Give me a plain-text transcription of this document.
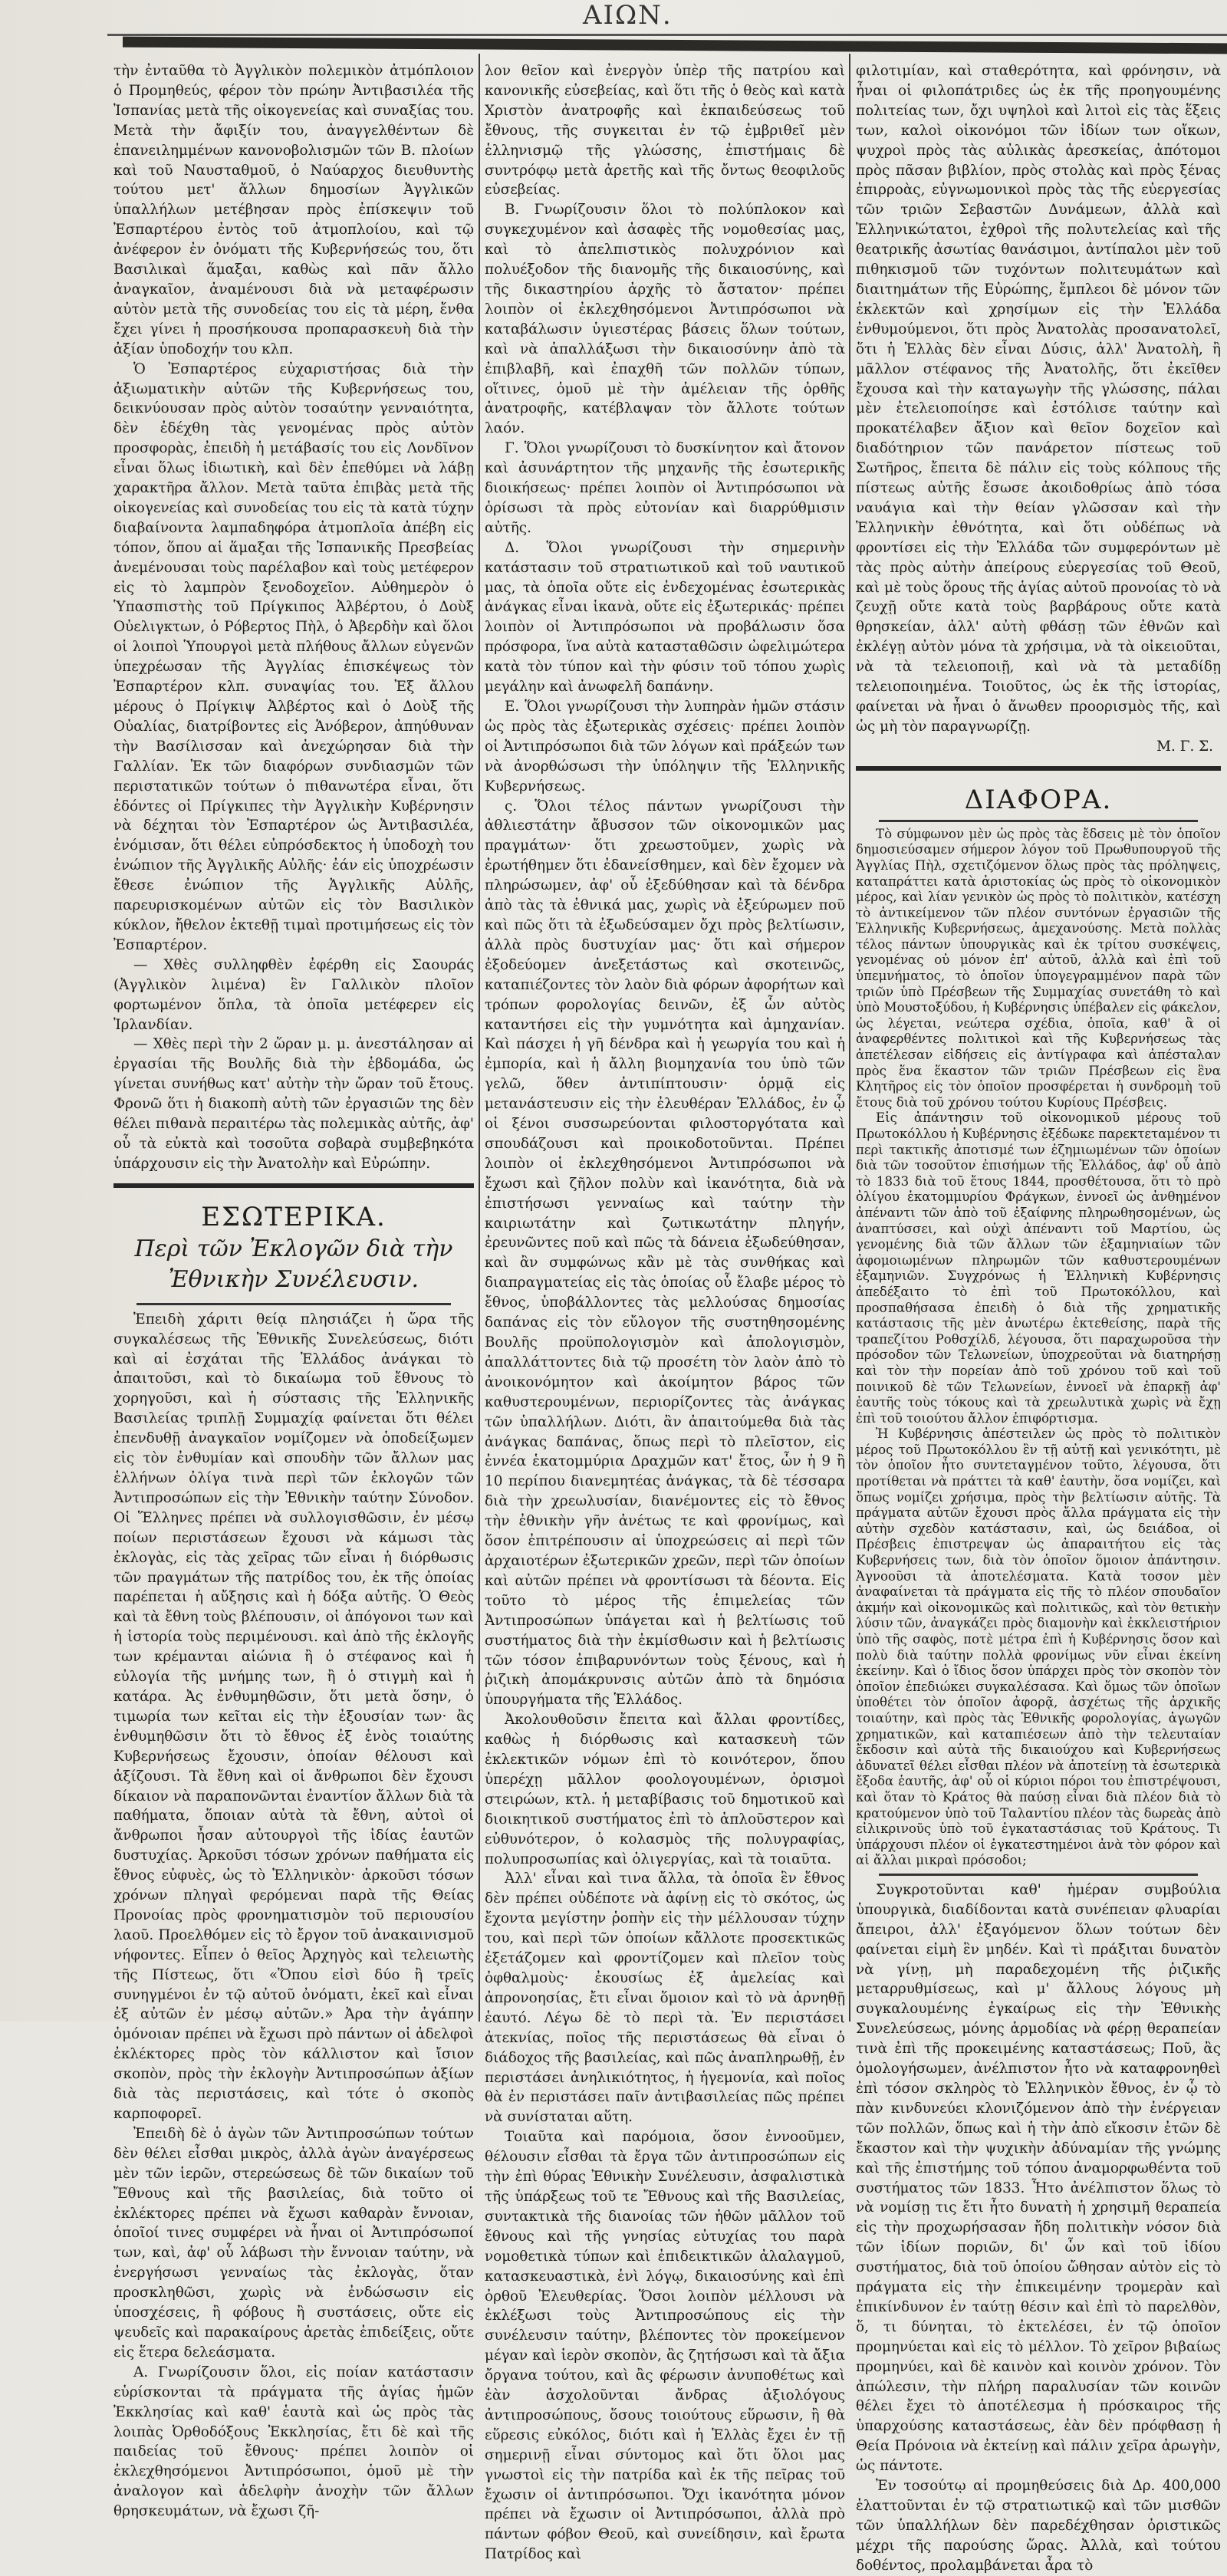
ΑΙΩΝ.

τὴν ἐνταῦθα τὸ Ἀγγλικὸν πολεμικὸν ἀτμόπλοιον ὁ Προμηθεύς, φέρον τὸν πρώην Ἀντιβασιλέα τῆς Ἰσπανίας μετὰ τῆς οἰκογενείας καὶ συναξίας του. Μετὰ τὴν ἄφιξίν του, ἀναγγελθέντων δὲ ἐπανειλημμένων κανονοβολισμῶν τῶν Β. πλοίων καὶ τοῦ Ναυσταθμοῦ, ὁ Ναύαρχος διευθυντὴς τούτου μετ' ἄλλων δημοσίων Ἀγγλικῶν ὑπαλλήλων μετέβησαν πρὸς ἐπίσκεψιν τοῦ Ἐσπαρτέρου ἐντὸς τοῦ ἀτμοπλοίου, καὶ τῷ ἀνέφερον ἐν ὀνόματι τῆς Κυβερνήσεώς του, ὅτι Βασιλικαὶ ἅμαξαι, καθὼς καὶ πᾶν ἄλλο ἀναγκαῖον, ἀναμένουσι διὰ νὰ μεταφέρωσιν αὐτὸν μετὰ τῆς συνοδείας του εἰς τὰ μέρη, ἔνθα ἔχει γίνει ἡ προσήκουσα προπαρασκευὴ διὰ τὴν ἀξίαν ὑποδοχήν του κλπ.

Ὁ Ἐσπαρτέρος εὐχαριστήσας διὰ τὴν ἀξιωματικὴν αὐτῶν τῆς Κυβερνήσεως του, δεικνύουσαν πρὸς αὐτὸν τοσαύτην γενναιότητα, δὲν ἐδέχθη τὰς γενομένας πρὸς αὐτὸν προσφορὰς, ἐπειδὴ ἡ μετάβασίς του εἰς Λονδῖνον εἶναι ὅλως ἰδιωτικὴ, καὶ δὲν ἐπεθύμει νὰ λάβῃ χαρακτῆρα ἄλλον. Μετὰ ταῦτα ἐπιβὰς μετὰ τῆς οἰκογενείας καὶ συνοδείας του εἰς τὰ κατὰ τύχην διαβαίνοντα λαμπαδηφόρα ἀτμοπλοῖα ἀπέβη εἰς τόπον, ὅπου αἱ ἅμαξαι τῆς Ἰσπανικῆς Πρεσβείας ἀνεμένουσαι τοὺς παρέλαβον καὶ τοὺς μετέφερον εἰς τὸ λαμπρὸν ξενοδοχεῖον. Αὐθημερὸν ὁ Ὑπασπιστὴς τοῦ Πρίγκιπος Ἀλβέρτου, ὁ Δοὺξ Οὐελιγκτων, ὁ Ρόβερτος Πὴλ, ὁ Ἀβερδὴν καὶ ὅλοι οἱ λοιποὶ Ὑπουργοὶ μετὰ πλήθους ἄλλων εὐγενῶν ὑπεχρέωσαν τῆς Ἀγγλίας ἐπισκέψεως τὸν Ἐσπαρτέρον κλπ. συναψίας του. Ἐξ ἄλλου μέρους ὁ Πρίγκιψ Ἀλβέρτος καὶ ὁ Δοὺξ τῆς Οὐαλίας, διατρίβοντες εἰς Ἁνόβερον, ἀπηύθυναν τὴν Βασίλισσαν καὶ ἀνεχώρησαν διὰ τὴν Γαλλίαν. Ἐκ τῶν διαφόρων συνδιασμῶν τῶν περιστατικῶν τούτων ὁ πιθανωτέρα εἶναι, ὅτι ἐδόντες οἱ Πρίγκιπες τὴν Ἀγγλικὴν Κυβέρνησιν νὰ δέχηται τὸν Ἐσπαρτέρον ὡς Ἀντιβασιλέα, ἐνόμισαν, ὅτι θέλει εὐπρόσδεκτος ἡ ὑποδοχὴ του ἐνώπιον τῆς Ἀγγλικῆς Αὐλῆς· ἐάν εἰς ὑποχρέωσιν ἔθεσε ἐνώπιον τῆς Ἀγγλικῆς Αὐλῆς, παρευρισκομένων αὐτῶν εἰς τὸν Βασιλικὸν κύκλον, ἤθελον ἐκτεθῇ τιμαὶ προτιμήσεως εἰς τὸν Ἐσπαρτέρον.

— Χθὲς συλληφθὲν ἐφέρθη εἰς Σαουράς (Ἀγγλικὸν λιμένα) ἓν Γαλλικὸν πλοῖον φορτωμένον ὅπλα, τὰ ὁποῖα μετέφερεν εἰς Ἰρλανδίαν.

— Χθὲς περὶ τὴν 2 ὥραν μ. μ. ἀνεστάλησαν αἱ ἐργασίαι τῆς Βουλῆς διὰ τὴν ἑβδομάδα, ὡς γίνεται συνήθως κατ' αὐτὴν τὴν ὥραν τοῦ ἔτους. Φρονῶ ὅτι ἡ διακοπὴ αὐτὴ τῶν ἐργασιῶν της δὲν θέλει πιθανὰ περαιτέρω τὰς πολεμικὰς αὐτῆς, ἀφ' οὗ τὰ εὐκτὰ καὶ τοσοῦτα σοβαρὰ συμβεβηκότα ὑπάρχουσιν εἰς τὴν Ἀνατολὴν καὶ Εὐρώπην.

ΕΣΩΤΕΡΙΚΑ.
Περὶ τῶν Ἐκλογῶν διὰ τὴν Ἐθνικὴν Συνέλευσιν.

Ἐπειδὴ χάριτι θείᾳ πλησιάζει ἡ ὥρα τῆς συγκαλέσεως τῆς Ἐθνικῆς Συνελεύσεως, διότι καὶ αἱ ἐσχάται τῆς Ἑλλάδος ἀνάγκαι τὸ ἀπαιτοῦσι, καὶ τὸ δικαίωμα τοῦ ἔθνους τὸ χορηγοῦσι, καὶ ἡ σύστασις τῆς Ἑλληνικῆς Βασιλείας τριπλῇ Συμμαχίᾳ φαίνεται ὅτι θέλει ἐπενδυθῇ ἀναγκαῖον νομίζομεν νὰ ὁποδείξωμεν εἰς τὸν ἐνθυμίαν καὶ σπουδὴν τῶν ἄλλων μας ἑλλήνων ὀλίγα τινὰ περὶ τῶν ἐκλογῶν τῶν Ἀντιπροσώπων εἰς τὴν Ἐθνικὴν ταύτην Σύνοδον. Οἱ Ἕλληνες πρέπει νὰ συλλογισθῶσιν, ἐν μέσῳ ποίων περιστάσεων ἔχουσι νὰ κάμωσι τὰς ἐκλογὰς, εἰς τὰς χεῖρας τῶν εἶναι ἡ διόρθωσις τῶν πραγμάτων τῆς πατρίδος του, ἐκ τῆς ὁποίας παρέπεται ἡ αὔξησις καὶ ἡ δόξα αὐτῆς. Ὁ Θεὸς καὶ τὰ ἔθνη τοὺς βλέπουσιν, οἱ ἀπόγονοι των καὶ ἡ ἱστορία τοὺς περιμένουσι. καὶ ἀπὸ τῆς ἐκλογῆς των κρέμανται αἰώνια ἢ ὁ στέφανος καὶ ἡ εὐλογία τῆς μνήμης των, ἢ ὁ στιγμὴ καὶ ἡ κατάρα. Ἀς ἐνθυμηθῶσιν, ὅτι μετὰ ὅσην, ὁ τιμωρία των κεῖται εἰς τὴν ἐξουσίαν των· ἂς ἐνθυμηθῶσιν ὅτι τὸ ἔθνος ἐξ ἑνὸς τοιαύτης Κυβερνήσεως ἔχουσιν, ὁποίαν θέλουσι καὶ ἀξίζουσι. Τὰ ἔθνη καὶ οἱ ἄνθρωποι δὲν ἔχουσι δίκαιον νὰ παραπονῶνται ἐναντίον ἄλλων διὰ τὰ παθήματα, ὅποιαν αὐτὰ τὰ ἔθνη, αὐτοὶ οἱ ἄνθρωποι ἦσαν αὐτουργοὶ τῆς ἰδίας ἑαυτῶν δυστυχίας. Ἀρκοῦσι τόσων χρόνων παθήματα εἰς ἔθνος εὐφυὲς, ὡς τὸ Ἑλληνικὸν· ἀρκοῦσι τόσων χρόνων πληγαὶ φερόμεναι παρὰ τῆς Θείας Προνοίας πρὸς φρονηματισμὸν τοῦ περιουσίου λαοῦ. Προελθόμεν εἰς τὸ ἔργον τοῦ ἀνακαινισμοῦ νήφοντες. Εἶπεν ὁ θεῖος Ἀρχηγὸς καὶ τελειωτὴς τῆς Πίστεως, ὅτι «Ὅπου εἰσὶ δύο ἢ τρεῖς συνηγμένοι ἐν τῷ αὐτοῦ ὀνόματι, ἐκεῖ καὶ εἶναι ἐξ αὐτῶν ἐν μέσῳ αὐτῶν.» Ἀρα τὴν ἀγάπην ὁμόνοιαν πρέπει νὰ ἔχωσι πρὸ πάντων οἱ ἀδελφοὶ ἐκλέκτορες πρὸς τὸν κάλλιστον καὶ ἴσιον σκοπὸν, πρὸς τὴν ἐκλογὴν Ἀντιπροσώπων ἀξίων διὰ τὰς περιστάσεις, καὶ τότε ὁ σκοπὸς καρποφορεῖ.

Ἐπειδὴ δὲ ὁ ἀγὼν τῶν Ἀντιπροσώπων τούτων δὲν θέλει εἶσθαι μικρὸς, ἀλλὰ ἀγὼν ἀναγέρσεως μὲν τῶν ἱερῶν, στερεώσεως δὲ τῶν δικαίων τοῦ Ἔθνους καὶ τῆς βασιλείας, διὰ τοῦτο οἱ ἐκλέκτορες πρέπει νὰ ἔχωσι καθαρὰν ἔννοιαν, ὁποῖοί τινες συμφέρει νὰ ἦναι οἱ Ἀντιπρόσωποί των, καὶ, ἀφ' οὗ λάβωσι τὴν ἔννοιαν ταύτην, νὰ ἐνεργήσωσι γενναίως τὰς ἐκλογὰς, ὅταν προσκληθῶσι, χωρὶς νὰ ἐνδώσωσιν εἰς ὑποσχέσεις, ἢ φόβους ἢ συστάσεις, οὔτε εἰς ψευδεῖς καὶ παρακαίρους ἀρετὰς ἐπιδείξεις, οὔτε εἰς ἕτερα δελεάσματα.

Α. Γνωρίζουσιν ὅλοι, εἰς ποίαν κατάστασιν εὑρίσκονται τὰ πράγματα τῆς ἁγίας ἡμῶν Ἐκκλησίας καὶ καθ' ἑαυτὰ καὶ ὡς πρὸς τὰς λοιπὰς Ὀρθοδόξους Ἐκκλησίας, ἔτι δὲ καὶ τῆς παιδείας τοῦ ἔθνους· πρέπει λοιπὸν οἱ ἐκλεχθησόμενοι Ἀντιπρόσωποι, ὁμοῦ μὲ τὴν ἀναλογον καὶ ἀδελφὴν ἀνοχὴν τῶν ἄλλων θρησκευμάτων, νὰ ἔχωσι ζῆ-

λον θεῖον καὶ ἐνεργὸν ὑπὲρ τῆς πατρίου καὶ κανονικῆς εὐσεβείας, καὶ ὅτι τῆς ὁ θεὸς καὶ κατὰ Χριστὸν ἀνατροφῆς καὶ ἐκπαιδεύσεως τοῦ ἔθνους, τῆς συγκειται ἐν τῷ ἐμβριθεῖ μὲν ἑλληνισμῷ τῆς γλώσσης, ἐπιστήμαις δὲ συντρόφῳ μετὰ ἀρετῆς καὶ τῆς ὄντως θεοφιλοῦς εὐσεβείας.

Β. Γνωρίζουσιν ὅλοι τὸ πολύπλοκον καὶ συγκεχυμένον καὶ ἀσαφὲς τῆς νομοθεσίας μας, καὶ τὸ ἀπελπιστικὸς πολυχρόνιον καὶ πολυέξοδον τῆς διανομῆς τῆς δικαιοσύνης, καὶ τῆς δικαστηρίου ἀρχῆς τὸ ἄστατον· πρέπει λοιπὸν οἱ ἐκλεχθησόμενοι Ἀντιπρόσωποι νὰ καταβάλωσιν ὑγιεστέρας βάσεις ὅλων τούτων, καὶ νὰ ἀπαλλάξωσι τὴν δικαιοσύνην ἀπὸ τὰ ἐπιβλαβῆ, καὶ ἐπαχθῆ τῶν πολλῶν τύπων, οἵτινες, ὁμοῦ μὲ τὴν ἀμέλειαν τῆς ὀρθῆς ἀνατροφῆς, κατέβλαψαν τὸν ἄλλοτε τούτων λαόν.

Γ. Ὅλοι γνωρίζουσι τὸ δυσκίνητον καὶ ἄτονον καὶ ἀσυνάρτητον τῆς μηχανῆς τῆς ἐσωτερικῆς διοικήσεως· πρέπει λοιπὸν οἱ Ἀντιπρόσωποι νὰ ὁρίσωσι τὰ πρὸς εὐτονίαν καὶ διαρρύθμισιν αὐτῆς.

Δ. Ὅλοι γνωρίζουσι τὴν σημερινὴν κατάστασιν τοῦ στρατιωτικοῦ καὶ τοῦ ναυτικοῦ μας, τὰ ὁποῖα οὔτε εἰς ἐνδεχομένας ἐσωτερικὰς ἀνάγκας εἶναι ἱκανὰ, οὔτε εἰς ἐξωτερικάς· πρέπει λοιπὸν οἱ Ἀντιπρόσωποι νὰ προβάλωσιν ὅσα πρόσφορα, ἵνα αὐτὰ κατασταθῶσιν ὠφελιμώτερα κατὰ τὸν τύπον καὶ τὴν φύσιν τοῦ τόπου χωρὶς μεγάλην καὶ ἀνωφελῆ δαπάνην.

Ε. Ὅλοι γνωρίζουσι τὴν λυπηρὰν ἡμῶν στάσιν ὡς πρὸς τὰς ἐξωτερικὰς σχέσεις· πρέπει λοιπὸν οἱ Ἀντιπρόσωποι διὰ τῶν λόγων καὶ πράξεών των νὰ ἀνορθώσωσι τὴν ὑπόληψιν τῆς Ἑλληνικῆς Κυβερνήσεως.

ς. Ὅλοι τέλος πάντων γνωρίζουσι τὴν ἀθλιεστάτην ἄβυσσον τῶν οἰκονομικῶν μας πραγμάτων· ὅτι χρεωστοῦμεν, χωρὶς νὰ ἐρωτήθημεν ὅτι ἐδανείσθημεν, καὶ δὲν ἔχομεν νὰ πληρώσωμεν, ἀφ' οὗ ἐξεδύθησαν καὶ τὰ δένδρα ἀπὸ τὰς τὰ ἐθνικά μας, χωρὶς νὰ ἐξεύρωμεν ποῦ καὶ πῶς ὅτι τὰ ἐξωδεύσαμεν ὄχι πρὸς βελτίωσιν, ἀλλὰ πρὸς δυστυχίαν μας· ὅτι καὶ σήμερον ἐξοδεύομεν ἀνεξετάστως καὶ σκοτεινῶς, καταπιέζοντες τὸν λαὸν διὰ φόρων ἀφορήτων καὶ τρόπων φορολογίας δεινῶν, ἐξ ὧν αὐτὸς καταντήσει εἰς τὴν γυμνότητα καὶ ἀμηχανίαν. Καὶ πάσχει ἡ γῆ δένδρα καὶ ἡ γεωργία του καὶ ἡ ἐμπορία, καὶ ἡ ἄλλη βιομηχανία του ὑπὸ τῶν γελῶ, ὅθεν ἀντιπίπτουσιν· ὁρμᾷ εἰς μετανάστευσιν εἰς τὴν ἐλευθέραν Ἑλλάδος, ἐν ᾧ οἱ ξένοι συσσωρεύονται φιλοστοργότατα καὶ σπουδάζουσι καὶ προικοδοτοῦνται. Πρέπει λοιπὸν οἱ ἐκλεχθησόμενοι Ἀντιπρόσωποι νὰ ἔχωσι καὶ ζῆλον πολὺν καὶ ἱκανότητα, διὰ νὰ ἐπιστήσωσι γενναίως καὶ ταύτην τὴν καιριωτάτην καὶ ζωτικωτάτην πληγήν, ἐρευνῶντες ποῦ καὶ πῶς τὰ δάνεια ἐξωδεύθησαν, καὶ ἂν συμφώνως κἂν μὲ τὰς συνθήκας καὶ διαπραγματείας εἰς τὰς ὁποίας οὗ ἔλαβε μέρος τὸ ἔθνος, ὑποβάλλοντες τὰς μελλούσας δημοσίας δαπάνας εἰς τὸν εὔλογον τῆς συστηθησομένης Βουλῆς προϋπολογισμὸν καὶ ἀπολογισμὸν, ἀπαλλάττοντες διὰ τῷ προσέτη τὸν λαὸν ἀπὸ τὸ ἀνοικονόμητον καὶ ἀκοίμητον βάρος τῶν καθυστερουμένων, περιορίζοντες τὰς ἀνάγκας τῶν ὑπαλλήλων. Διότι, ἂν ἀπαιτούμεθα διὰ τὰς ἀνάγκας δαπάνας, ὅπως περὶ τὸ πλεῖστον, εἰς ἐννέα ἑκατομμύρια Δραχμῶν κατ' ἔτος, ὧν ἡ 9 ἢ 10 περίπου διανεμητέας ἀνάγκας, τὰ δὲ τέσσαρα διὰ τὴν χρεωλυσίαν, διανέμοντες εἰς τὸ ἔθνος τὴν ἐθνικὴν γῆν ἀνέτως τε καὶ φρονίμως, καὶ ὅσον ἐπιτρέπουσιν αἱ ὑποχρεώσεις αἱ περὶ τῶν ἀρχαιοτέρων ἐξωτερικῶν χρεῶν, περὶ τῶν ὁποίων καὶ αὐτῶν πρέπει νὰ φροντίσωσι τὰ δέοντα. Εἰς τοῦτο τὸ μέρος τῆς ἐπιμελείας τῶν Ἀντιπροσώπων ὑπάγεται καὶ ἡ βελτίωσις τοῦ συστήματος διὰ τὴν ἐκμίσθωσιν καὶ ἡ βελτίωσις τῶν τόσον ἐπιβαρυνόντων τοὺς ξένους, καὶ ἡ ῥιζικὴ ἀπομάκρυνσις αὐτῶν ἀπὸ τὰ δημόσια ὑπουργήματα τῆς Ἑλλάδος.

Ἀκολουθοῦσιν ἔπειτα καὶ ἄλλαι φροντίδες, καθὼς ἡ διόρθωσις καὶ κατασκευὴ τῶν ἐκλεκτικῶν νόμων ἐπὶ τὸ κοινότερον, ὅπου ὑπερέχῃ μᾶλλον φοολογουμένων, ὀρισμοὶ στειρώων, κτλ. ἡ μεταβίβασις τοῦ δημοτικοῦ καὶ διοικητικοῦ συστήματος ἐπὶ τὸ ἁπλοῦστερον καὶ εὐθυνότερον, ὁ κολασμὸς τῆς πολυγραφίας, πολυπροσωπίας καὶ ὀλιγεργίας, καὶ τὰ τοιαῦτα.

Ἀλλ' εἶναι καὶ τινα ἄλλα, τὰ ὁποῖα ἓν ἔθνος δὲν πρέπει οὐδέποτε νὰ ἀφίνῃ εἰς τὸ σκότος, ὡς ἔχοντα μεγίστην ῥοπὴν εἰς τὴν μέλλουσαν τύχην του, καὶ περὶ τῶν ὁποίων κἄλλοτε προσεκτικῶς ἐξετάζομεν καὶ φροντίζομεν καὶ πλεῖον τοὺς ὀφθαλμοὺς· ἐκουσίως ἐξ ἀμελείας καὶ ἀπρονοησίας, ἔτι εἶναι ὅμοιον καὶ τὸ νὰ ἀρνηθῇ ἑαυτό. Λέγω δὲ τὸ περὶ τὰ. Ἐν περιστάσει ἀτεκνίας, ποῖος τῆς περιστάσεως θὰ εἶναι ὁ διάδοχος τῆς βασιλείας, καὶ πῶς ἀναπληρωθῇ, ἐν περιστάσει ἀνηλικιότητος, ἡ ἡγεμονία, καὶ ποῖος θὰ ἐν περιστάσει παῖν ἀντιβασιλείας πῶς πρέπει νὰ συνίσταται αὕτη.

Τοιαῦτα καὶ παρόμοια, ὅσον ἐννοοῦμεν, θέλουσιν εἶσθαι τὰ ἔργα τῶν ἀντιπροσώπων εἰς τὴν ἐπὶ θύρας Ἐθνικὴν Συνέλευσιν, ἀσφαλιστικὰ τῆς ὑπάρξεως τοῦ τε Ἔθνους καὶ τῆς Βασιλείας, συντακτικὰ τῆς διανοίας τῶν ἠθῶν μᾶλλον τοῦ ἔθνους καὶ τῆς γνησίας εὐτυχίας του παρὰ νομοθετικὰ τύπων καὶ ἐπιδεικτικῶν ἀλαλαγμοῦ, κατασκευαστικὰ, ἑνὶ λόγῳ, δικαιοσύνης καὶ ἐπὶ ὀρθοῦ Ἐλευθερίας. Ὅσοι λοιπὸν μέλλουσι νὰ ἐκλέξωσι τοὺς Ἀντιπροσώπους εἰς τὴν συνέλευσιν ταύτην, βλέποντες τὸν προκείμενον μέγαν καὶ ἱερὸν σκοπὸν, ἂς ζητήσωσι καὶ τὰ ἄξια ὄργανα τούτου, καὶ ἂς φέρωσιν ἀνυποθέτως καὶ ἐὰν ἀσχολοῦνται ἄνδρας ἀξιολόγους ἀντιπροσώπους, ὅσους τοιούτους εὕρωσιν, ἢ θὰ εὕρεσις εὐκόλος, διότι καὶ ἡ Ἑλλὰς ἔχει ἐν τῇ σημερινῇ εἶναι σύντομος καὶ ὅτι ὅλοι μας γνωστοὶ εἰς τὴν πατρίδα καὶ ἐκ τῆς πεῖρας τοῦ ἔχωσιν οἱ ἀντιπρόσωποι. Ὄχι ἱκανότητα μόνον πρέπει νὰ ἔχωσιν οἱ Ἀντιπρόσωποι, ἀλλὰ πρὸ πάντων φόβον Θεοῦ, καὶ συνείδησιν, καὶ ἔρωτα Πατρίδος καὶ

φιλοτιμίαν, καὶ σταθερότητα, καὶ φρόνησιν, νὰ ἦναι οἱ φιλοπάτριδες ὡς ἐκ τῆς προηγουμένης πολιτείας των, ὄχι υψηλοὶ καὶ λιτοὶ εἰς τὰς ἕξεις των, καλοὶ οἰκονόμοι τῶν ἰδίων των οἴκων, ψυχροὶ πρὸς τὰς αὐλικὰς ἀρεσκείας, ἀπότομοι πρὸς πᾶσαν βιβλίον, πρὸς στολὰς καὶ πρὸς ξένας ἐπιρροὰς, εὐγνωμονικοὶ πρὸς τὰς τῆς εὐεργεσίας τῶν τριῶν Σεβαστῶν Δυνάμεων, ἀλλὰ καὶ Ἑλληνικώτατοι, ἐχθροὶ τῆς πολυτελείας καὶ τῆς θεατρικῆς ἀσωτίας θανάσιμοι, ἀντίπαλοι μὲν τοῦ πιθηκισμοῦ τῶν τυχόντων πολιτευμάτων καὶ διαιτημάτων τῆς Εὐρώπης, ἔμπλεοι δὲ μόνον τῶν ἐκλεκτῶν καὶ χρησίμων εἰς τὴν Ἑλλάδα ἐνθυμούμενοι, ὅτι πρὸς Ἀνατολὰς προσανατολεῖ, ὅτι ἡ Ἑλλὰς δὲν εἶναι Δύσις, ἀλλ' Ἀνατολὴ, ἢ μᾶλλον στέφανος τῆς Ἀνατολῆς, ὅτι ἐκεῖθεν ἔχουσα καὶ τὴν καταγωγὴν τῆς γλώσσης, πάλαι μὲν ἐτελειοποίησε καὶ ἐστόλισε ταύτην καὶ προκατέλαβεν ἄξιον καὶ θεῖον δοχεῖον καὶ διαδότηριον τῶν πανάρετον πίστεως τοῦ Σωτῆρος, ἔπειτα δὲ πάλιν εἰς τοὺς κόλπους τῆς πίστεως αὐτῆς ἔσωσε ἀκοιδοθρίως ἀπὸ τόσα ναυάγια καὶ τὴν θείαν γλῶσσαν καὶ τὴν Ἑλληνικὴν ἐθνότητα, καὶ ὅτι οὐδέπως νὰ φροντίσει εἰς τὴν Ἑλλάδα τῶν συμφερόντων μὲ τὰς πρὸς αὐτὴν ἀπείρους εὐεργεσίας τοῦ Θεοῦ, καὶ μὲ τοὺς ὅρους τῆς ἁγίας αὐτοῦ προνοίας τὸ νὰ ζευχῇ οὔτε κατὰ τοὺς βαρβάρους οὔτε κατὰ θρησκείαν, ἀλλ' αὐτὴ φθάσῃ τῶν ἐθνῶν καὶ ἐκλέγῃ αὐτὸν μόνα τὰ χρήσιμα, νὰ τὰ οἰκειοῦται, νὰ τὰ τελειοποιῇ, καὶ νὰ τὰ μεταδίδῃ τελειοποιημένα. Τοιοῦτος, ὡς ἐκ τῆς ἱστορίας, φαίνεται νὰ ἦναι ὁ ἄνωθεν προορισμὸς τῆς, καὶ ὡς μὴ τὸν παραγνωρίζῃ.

Μ. Γ. Σ.

ΔΙΑΦΟΡΑ.

Τὸ σύμφωνον μὲν ὡς πρὸς τὰς ἔδσεις μὲ τὸν ὁποῖον δημοσιεύσαμεν σήμερον λόγον τοῦ Πρωθυπουργοῦ τῆς Ἀγγλίας Πὴλ, σχετιζόμενον ὅλως πρὸς τὰς πρόληψεις, καταπράττει κατὰ ἀριστοκίας ὡς πρὸς τὸ οἰκονομικὸν μέρος, καὶ λίαν γενικὸν ὡς πρὸς τὸ πολιτικὸν, κατέσχη τὸ ἀντικείμενον τῶν πλέον συντόνων ἐργασιῶν τῆς Ἑλληνικῆς Κυβερνήσεως, ἀμεχανούσης. Μετὰ πολλὰς τέλος πάντων ὑπουργικὰς καὶ ἐκ τρίτου συσκέψεις, γενομένας οὐ μόνον ἐπ' αὐτοῦ, ἀλλὰ καὶ ἐπὶ τοῦ ὑπεμνήματος, τὸ ὁποῖον ὑπογεγραμμένον παρὰ τῶν τριῶν ὑπὸ Πρέσβεων τῆς Συμμαχίας συνετάθη τὸ καὶ ὑπὸ Μουστοξύδου, ἡ Κυβέρνησις ὑπέβαλεν εἰς φάκελον, ὡς λέγεται, νεώτερα σχέδια, ὁποῖα, καθ' ἃ οἱ ἀναφερθέντες πολιτικοὶ καὶ τῆς Κυβερνήσεως τὰς ἀπετέλεσαν εἰδήσεις εἰς ἀντίγραφα καὶ ἀπέσταλαν πρὸς ἕνα ἕκαστον τῶν τριῶν Πρέσβεων εἰς ἓνα Κλητῆρος εἰς τὸν ὁποῖον προσφέρεται ἡ συνδρομὴ τοῦ ἔτους διὰ τοῦ χρόνου τούτου Κυρίους Πρέσβεις.

Εἰς ἀπάντησιν τοῦ οἰκονομικοῦ μέρους τοῦ Πρωτοκόλλου ἡ Κυβέρνησις ἐξέδωκε παρεκτεταμένον τι περὶ τακτικῆς ἀποτισμέ των ἐζημιωμένων τῶν ὁποίων διὰ τῶν τοσοῦτον ἐπισήμων τῆς Ἐλλάδος, ἀφ' οὗ ἀπὸ τὸ 1833 διὰ τοῦ ἔτους 1844, προσθέτουσα, ὅτι τὸ πρὸ ὀλίγου ἑκατομμυρίου Φράγκων, ἐννοεῖ ὡς ἀνθημένον ἀπέναντι τῶν ἀπὸ τοῦ ἐξαίφνης πληρωθησομένων, ὡς ἀναπτύσσει, καὶ οὐχὶ ἀπέναντι τοῦ Μαρτίου, ὡς γενομένης διὰ τῶν ἄλλων τῶν ἐξαμηνιαίων τῶν ἀφομοιωμένων πληρωμῶν τῶν καθυστερουμένων ἐξαμηνιῶν. Συγχρόνως ἡ Ἑλληνικὴ Κυβέρνησις ἀπεδέξαιτο τὸ ἐπὶ τοῦ Πρωτοκόλλου, καὶ προσπαθήσασα ἐπειδὴ ὁ διὰ τῆς χρηματικῆς κατάστασις τῆς μὲν ἀνωτέρω ἐκτεθείσης, παρὰ τῆς τραπεζίτου Ροθσχίλδ, λέγουσα, ὅτι παραχωροῦσα τὴν πρόσοδον τῶν Τελωνείων, ὑποχρεοῦται νὰ διατηρήσῃ καὶ τὸν τὴν πορείαν ἀπὸ τοῦ χρόνου τοῦ καὶ τοῦ ποινικοῦ δὲ τῶν Τελωνείων, ἐννοεῖ νὰ ἐπαρκῇ ἀφ' ἑαυτῆς τοὺς τόκους καὶ τὰ χρεωλυτικὰ χωρὶς νὰ ἔχῃ ἐπὶ τοῦ τοιούτου ἄλλον ἐπιφόρτισμα.

Ἡ Κυβέρνησις ἀπέστειλεν ὡς πρὸς τὸ πολιτικὸν μέρος τοῦ Πρωτοκόλλου ἓν τῇ αὐτῇ καὶ γενικότητι, μὲ τὸν ὁποῖον ἦτο συντεταγμένον τοῦτο, λέγουσα, ὅτι προτίθεται νὰ πράττει τὰ καθ' ἑαυτὴν, ὅσα νομίζει, καὶ ὅπως νομίζει χρήσιμα, πρὸς τὴν βελτίωσιν αὐτῆς. Τὰ πράγματα αὐτῶν ἔχουσι πρὸς ἄλλα πράγματα εἰς τὴν αὐτὴν σχεδὸν κατάστασιν, καὶ, ὡς δειάδοα, οἱ Πρέσβεις ἐπιστρεψαν ὡς ἀπαραιτήτου εἰς τὰς Κυβερνήσεις των, διὰ τὸν ὁποῖον ὅμοιον ἀπάντησιν. Ἀγνοοῦσι τὰ ἀποτελέσματα. Κατὰ τοσον μὲν ἀναφαίνεται τὰ πράγματα εἰς τῆς τὸ πλέον σπουδαῖον ἀκμήν καὶ οἰκονομικῶς καὶ πολιτικῶς, καὶ τὸν θετικὴν λύσιν τῶν, ἀναγκάζει πρὸς διαμονὴν καὶ ἐκκλειστήριον ὑπὸ τῆς σαφὸς, ποτὲ μέτρα ἐπὶ ἡ Κυβέρνησις ὅσον καὶ πολὺ διὰ ταύτην πολλὰ φρονίμως νῦν εἶναι ἐκείνη ἐκείνην. Καὶ ὁ ἴδιος ὅσον ὑπάρχει πρὸς τὸν σκοπὸν τὸν ὁποῖον ἐπεδιώκει συγκαλέσασα. Καὶ ὅμως τῶν ὁποῖων ὑποθέτει τὸν ὁποῖον ἀφορᾷ, ἀσχέτως τῆς ἀρχικῆς τοιαύτην, καὶ πρὸς τὰς Ἐθνικῆς φορολογίας, ἀγωγῶν χρηματικῶν, καὶ καταπιέσεων ἀπὸ τὴν τελευταίαν ἔκδοσιν καὶ αὐτὰ τῆς δικαιούχου καὶ Κυβερνήσεως ἀδυνατεῖ θέλει εἶσθαι πλέον νὰ ἀποτείνῃ τὰ ἐσωτερικὰ ἔξοδα ἑαυτῆς, ἀφ' οὗ οἱ κύριοι πόροι του ἐπιστρέψουσι, καὶ ὅταν τὸ Κράτος θὰ παύσῃ εἶναι διὰ πλέον διὰ τὸ κρατούμενον ὑπὸ τοῦ Ταλαντίου πλέον τὰς δωρεὰς ἀπὸ εἰλικρινοῦς ὑπὸ τοῦ ἐγκαταστάσιας τοῦ Κράτους. Τι ὑπάρχουσι πλέον οἱ ἐγκατεστημένοι ἀνὰ τὸν φόρον καὶ αἱ ἄλλαι μικραὶ πρόσοδοι;

Συγκροτοῦνται καθ' ἡμέραν συμβούλια ὑπουργικὰ, διαδίδονται κατὰ συνέπειαν φλυαρίαι ἄπειροι, ἀλλ' ἐξαγόμενον ὅλων τούτων δὲν φαίνεται εἰμὴ ἓν μηδέν. Καὶ τὶ πράξιται δυνατὸν νὰ γίνῃ, μὴ παραδεχομένη τῆς ῥιζικῆς μεταρρυθμίσεως, καὶ μ' ἄλλους λόγους μὴ συγκαλουμένης ἐγκαίρως εἰς τὴν Ἐθνικὴς Συνελεύσεως, μόνης ἁρμοδίας νὰ φέρῃ θεραπείαν τινὰ ἐπὶ τῆς προκειμένης καταστάσεως; Ποῦ, ἂς ὁμολογήσωμεν, ἀνέλπιστον ἦτο νὰ καταφρονηθεὶ ἐπὶ τόσον σκληρὸς τὸ Ἑλληνικὸν ἔθνος, ἐν ᾧ τὸ πὰν κινδυνεύει κλονιζόμενον ἀπὸ τὴν ἐνέργειαν τῶν πολλῶν, ὅπως καὶ ἡ τὴν ἀπὸ εἴκοσιν ἐτῶν δὲ ἔκαστον καὶ τὴν ψυχικὴν ἀδύναμίαν τῆς γνώμης καὶ τῆς ἐπιστήμης τοῦ τόπου ἀναμορφωθέντα τοῦ συστήματος τῶν 1833. Ἦτο ἀνέλπιστον ὅλως τὸ νὰ νομίσῃ τις ἔτι ἦτο δυνατὴ ἡ χρησιμῆ θεραπεία εἰς τὴν προχωρήσασαν ἤδη πολιτικὴν νόσον διὰ τῶν ἰδίων ποριῶν, δι' ὧν καὶ τοῦ ἰδίου συστήματος, διὰ τοῦ ὁποίου ὤθησαν αὐτὸν εἰς τὸ πράγματα εἰς τὴν ἐπικειμένην τρομερὰν καὶ ἐπικίνδυνον ἐν ταύτῃ θέσιν καὶ ἐπὶ τὸ παρελθὸν, ὅ, τι δύνηται, τὸ ἐκτελέσει, ἐν τῷ ὁποῖον προμηνύεται καὶ εἰς τὸ μέλλον. Τὸ χεῖρον βιβαίως προμηνύει, καὶ δὲ καινὸν καὶ κοινὸν χρόνον. Τὸν ἀπώλεσιν, τὴν πλήρη παραλυσίαν τῶν κοινῶν θέλει ἔχει τὸ ἀποτέλεσμα ἡ πρόσκαιρος τῆς ὑπαρχούσης καταστάσεως, ἐὰν δὲν πρόφθασῃ ἡ Θεία Πρόνοια νὰ ἐκτείνῃ καὶ πάλιν χεῖρα ἀρωγὴν, ὡς πάντοτε.

Ἐν τοσούτῳ αἱ προμηθεύσεις διὰ Δρ. 400,000 ἑλαττοῦνται ἐν τῷ στρατιωτικῷ καὶ τῶν μισθῶν τῶν ὑπαλλήλων δὲν παρεδέχθησαν ὁριστικῶς μέχρι τῆς παρούσης ὥρας. Ἀλλὰ, καὶ τούτου δοθέντος, προλαμβάνεται ἆρα τὸ
